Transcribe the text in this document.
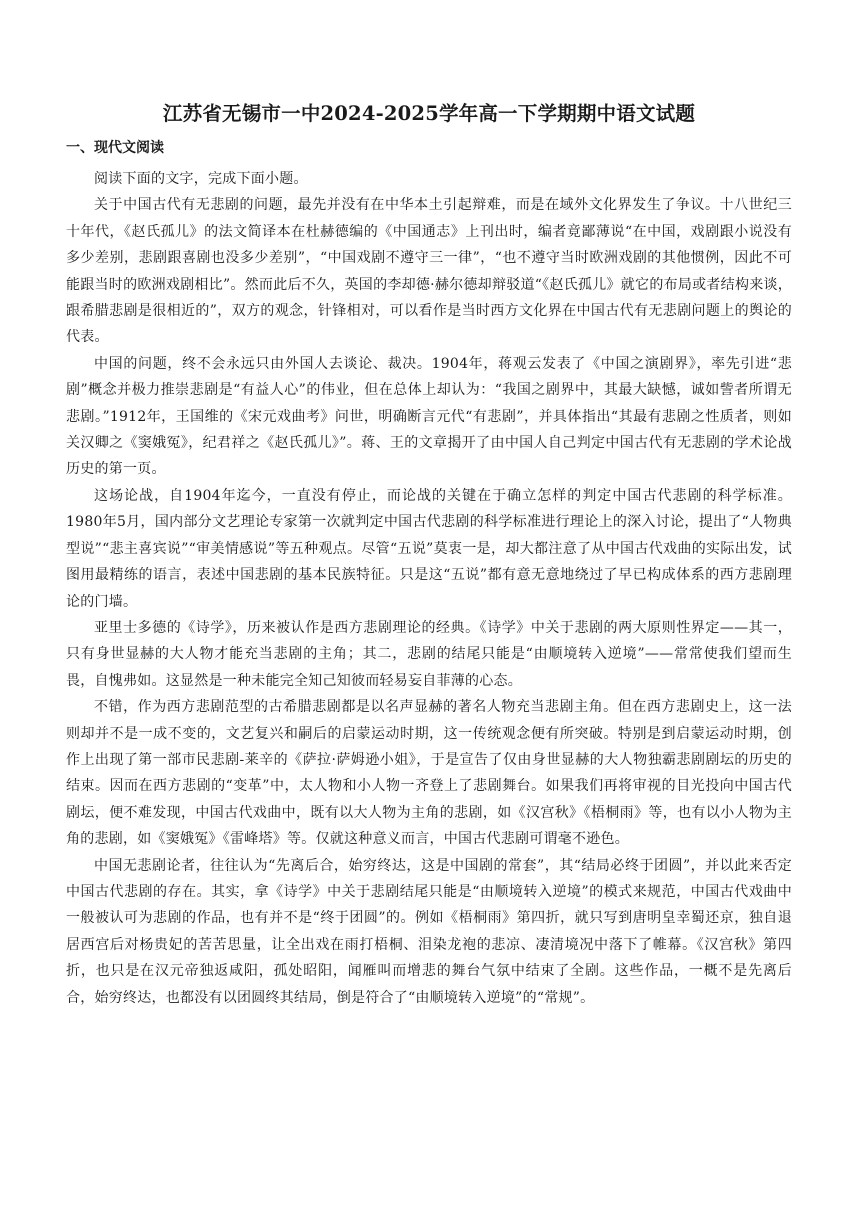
江苏省无锡市一中2024-2025学年高一下学期期中语文试题
一、现代文阅读

阅读下面的文字，完成下面小题。

关于中国古代有无悲剧的问题，最先并没有在中华本土引起辩难，而是在域外文化界发生了争议。十八世纪三十年代，《赵氏孤儿》的法文简译本在杜赫德编的《中国通志》上刊出时，编者竟鄙薄说“在中国，戏剧跟小说没有多少差别，悲剧跟喜剧也没多少差别”，“中国戏剧不遵守三一律”，“也不遵守当时欧洲戏剧的其他惯例，因此不可能跟当时的欧洲戏剧相比”。然而此后不久，英国的李却德·赫尔德却辩驳道“《赵氏孤儿》就它的布局或者结构来谈，跟希腊悲剧是很相近的”，双方的观念，针锋相对，可以看作是当时西方文化界在中国古代有无悲剧问题上的舆论的代表。

中国的问题，终不会永远只由外国人去谈论、裁决。1904年，蒋观云发表了《中国之演剧界》，率先引进“悲剧”概念并极力推崇悲剧是“有益人心”的伟业，但在总体上却认为：“我国之剧界中，其最大缺憾，诚如訾者所谓无悲剧。”1912年，王国维的《宋元戏曲考》问世，明确断言元代“有悲剧”，并具体指出“其最有悲剧之性质者，则如关汉卿之《窦娥冤》，纪君祥之《赵氏孤儿》”。蒋、王的文章揭开了由中国人自己判定中国古代有无悲剧的学术论战历史的第一页。

这场论战，自1904年迄今，一直没有停止，而论战的关键在于确立怎样的判定中国古代悲剧的科学标准。1980年5月，国内部分文艺理论专家第一次就判定中国古代悲剧的科学标准进行理论上的深入讨论，提出了“人物典型说”“悲主喜宾说”“审美情感说”等五种观点。尽管“五说”莫衷一是，却大都注意了从中国古代戏曲的实际出发，试图用最精练的语言，表述中国悲剧的基本民族特征。只是这“五说”都有意无意地绕过了早已构成体系的西方悲剧理论的门墙。

亚里士多德的《诗学》，历来被认作是西方悲剧理论的经典。《诗学》中关于悲剧的两大原则性界定——其一，只有身世显赫的大人物才能充当悲剧的主角；其二，悲剧的结尾只能是“由顺境转入逆境”——常常使我们望而生畏，自愧弗如。这显然是一种未能完全知己知彼而轻易妄自菲薄的心态。

不错，作为西方悲剧范型的古希腊悲剧都是以名声显赫的著名人物充当悲剧主角。但在西方悲剧史上，这一法则却并不是一成不变的，文艺复兴和嗣后的启蒙运动时期，这一传统观念便有所突破。特别是到启蒙运动时期，创作上出现了第一部市民悲剧-莱辛的《萨拉·萨姆逊小姐》，于是宣告了仅由身世显赫的大人物独霸悲剧剧坛的历史的结束。因而在西方悲剧的“变革”中，太人物和小人物一齐登上了悲剧舞台。如果我们再将审视的目光投向中国古代剧坛，便不难发现，中国古代戏曲中，既有以大人物为主角的悲剧，如《汉宫秋》《梧桐雨》等，也有以小人物为主角的悲剧，如《窦娥冤》《雷峰塔》等。仅就这种意义而言，中国古代悲剧可谓毫不逊色。

中国无悲剧论者，往往认为“先离后合，始穷终达，这是中国剧的常套”，其“结局必终于团圆”，并以此来否定中国古代悲剧的存在。其实，拿《诗学》中关于悲剧结尾只能是“由顺境转入逆境”的模式来规范，中国古代戏曲中一般被认可为悲剧的作品，也有并不是“终于团圆”的。例如《梧桐雨》第四折，就只写到唐明皇幸蜀还京，独自退居西宫后对杨贵妃的苦苦思量，让全出戏在雨打梧桐、泪染龙袍的悲凉、凄清境况中落下了帷幕。《汉宫秋》第四折，也只是在汉元帝独返咸阳，孤处昭阳，闻雁叫而增悲的舞台气氛中结束了全剧。这些作品，一概不是先离后合，始穷终达，也都没有以团圆终其结局，倒是符合了“由顺境转入逆境”的“常规”。
